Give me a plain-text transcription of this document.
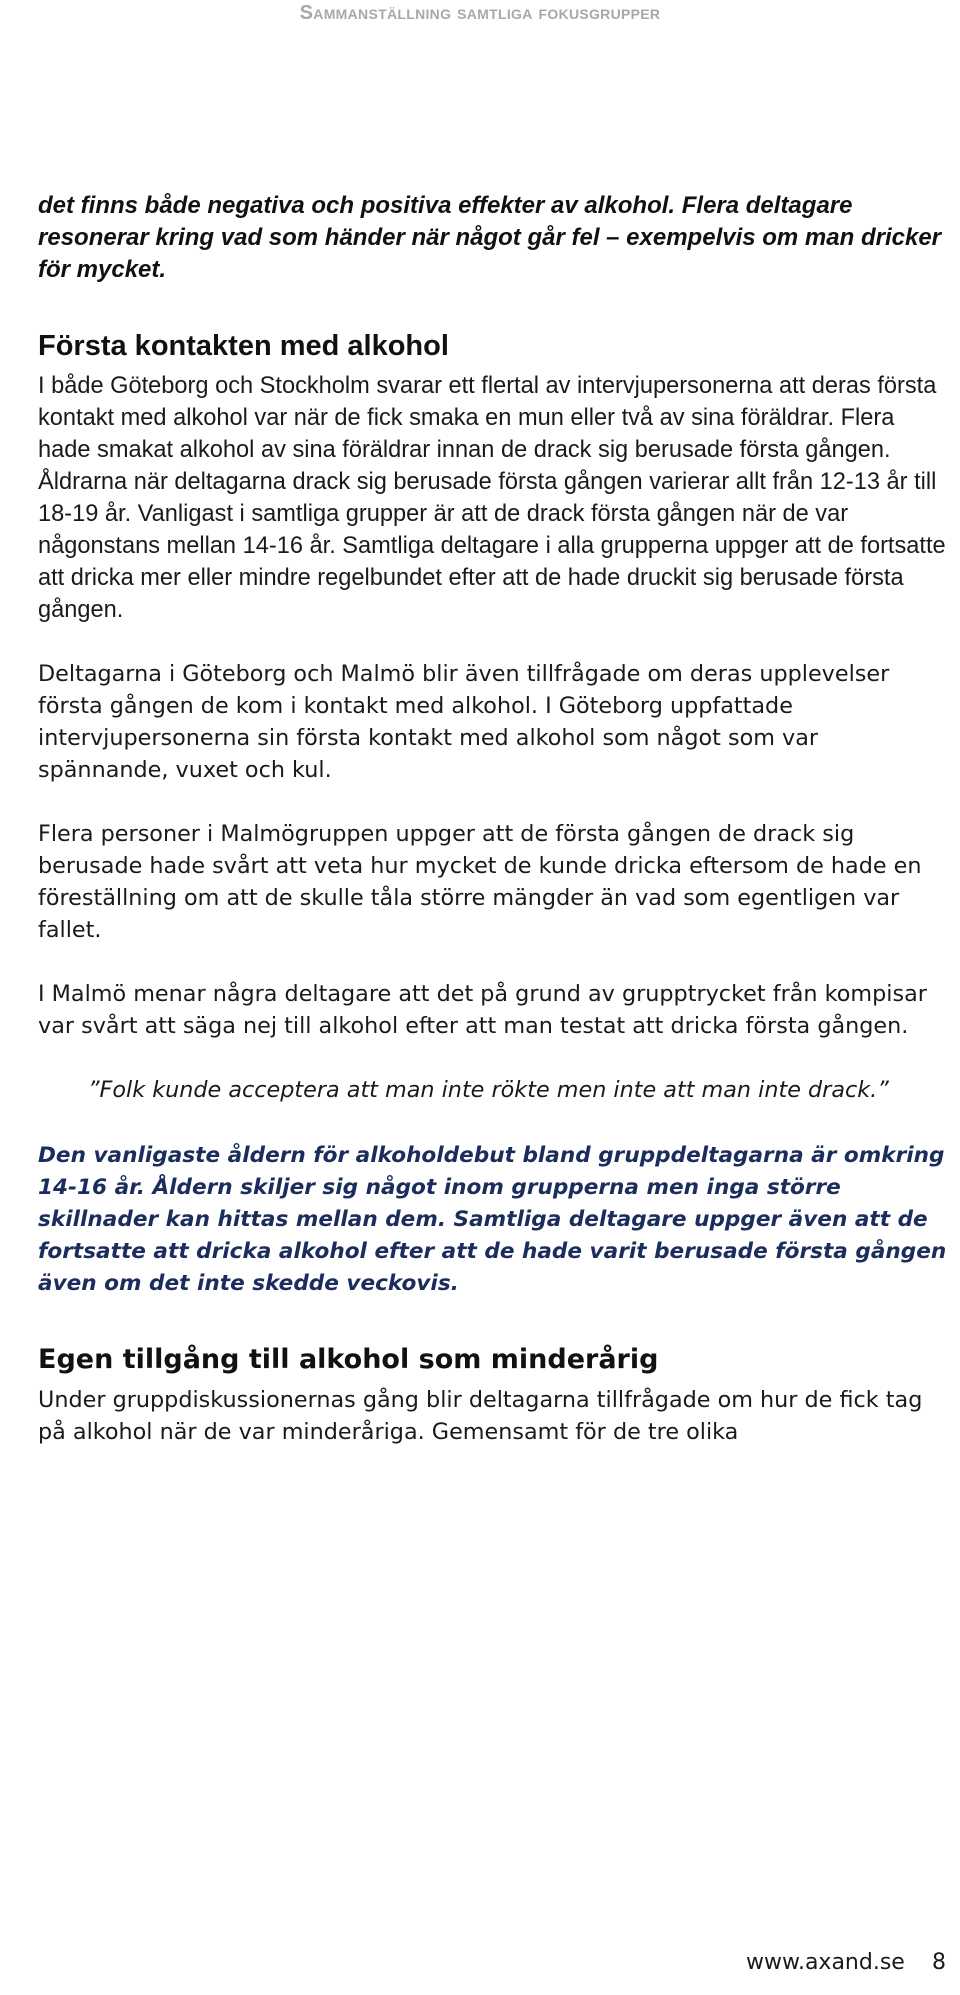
Sammanställning samtliga fokusgrupper

det finns både negativa och positiva effekter av alkohol. Flera deltagare resonerar kring vad som händer när något går fel – exempelvis om man dricker för mycket.

Första kontakten med alkohol

I både Göteborg och Stockholm svarar ett flertal av intervjupersonerna att deras första kontakt med alkohol var när de fick smaka en mun eller två av sina föräldrar. Flera hade smakat alkohol av sina föräldrar innan de drack sig berusade första gången. Åldrarna när deltagarna drack sig berusade första gången varierar allt från 12-13 år till 18-19 år. Vanligast i samtliga grupper är att de drack första gången när de var någonstans mellan 14-16 år. Samtliga deltagare i alla grupperna uppger att de fortsatte att dricka mer eller mindre regelbundet efter att de hade druckit sig berusade första gången.

Deltagarna i Göteborg och Malmö blir även tillfrågade om deras upplevelser första gången de kom i kontakt med alkohol. I Göteborg uppfattade intervjupersonerna sin första kontakt med alkohol som något som var spännande, vuxet och kul.

Flera personer i Malmögruppen uppger att de första gången de drack sig berusade hade svårt att veta hur mycket de kunde dricka eftersom de hade en föreställning om att de skulle tåla större mängder än vad som egentligen var fallet.

I Malmö menar några deltagare att det på grund av grupptrycket från kompisar var svårt att säga nej till alkohol efter att man testat att dricka första gången.

”Folk kunde acceptera att man inte rökte men inte att man inte drack.”

Den vanligaste åldern för alkoholdebut bland gruppdeltagarna är omkring 14-16 år. Åldern skiljer sig något inom grupperna men inga större skillnader kan hittas mellan dem. Samtliga deltagare uppger även att de fortsatte att dricka alkohol efter att de hade varit berusade första gången även om det inte skedde veckovis.

Egen tillgång till alkohol som minderårig

Under gruppdiskussionernas gång blir deltagarna tillfrågade om hur de fick tag på alkohol när de var minderåriga. Gemensamt för de tre olika

www.axand.se 8
